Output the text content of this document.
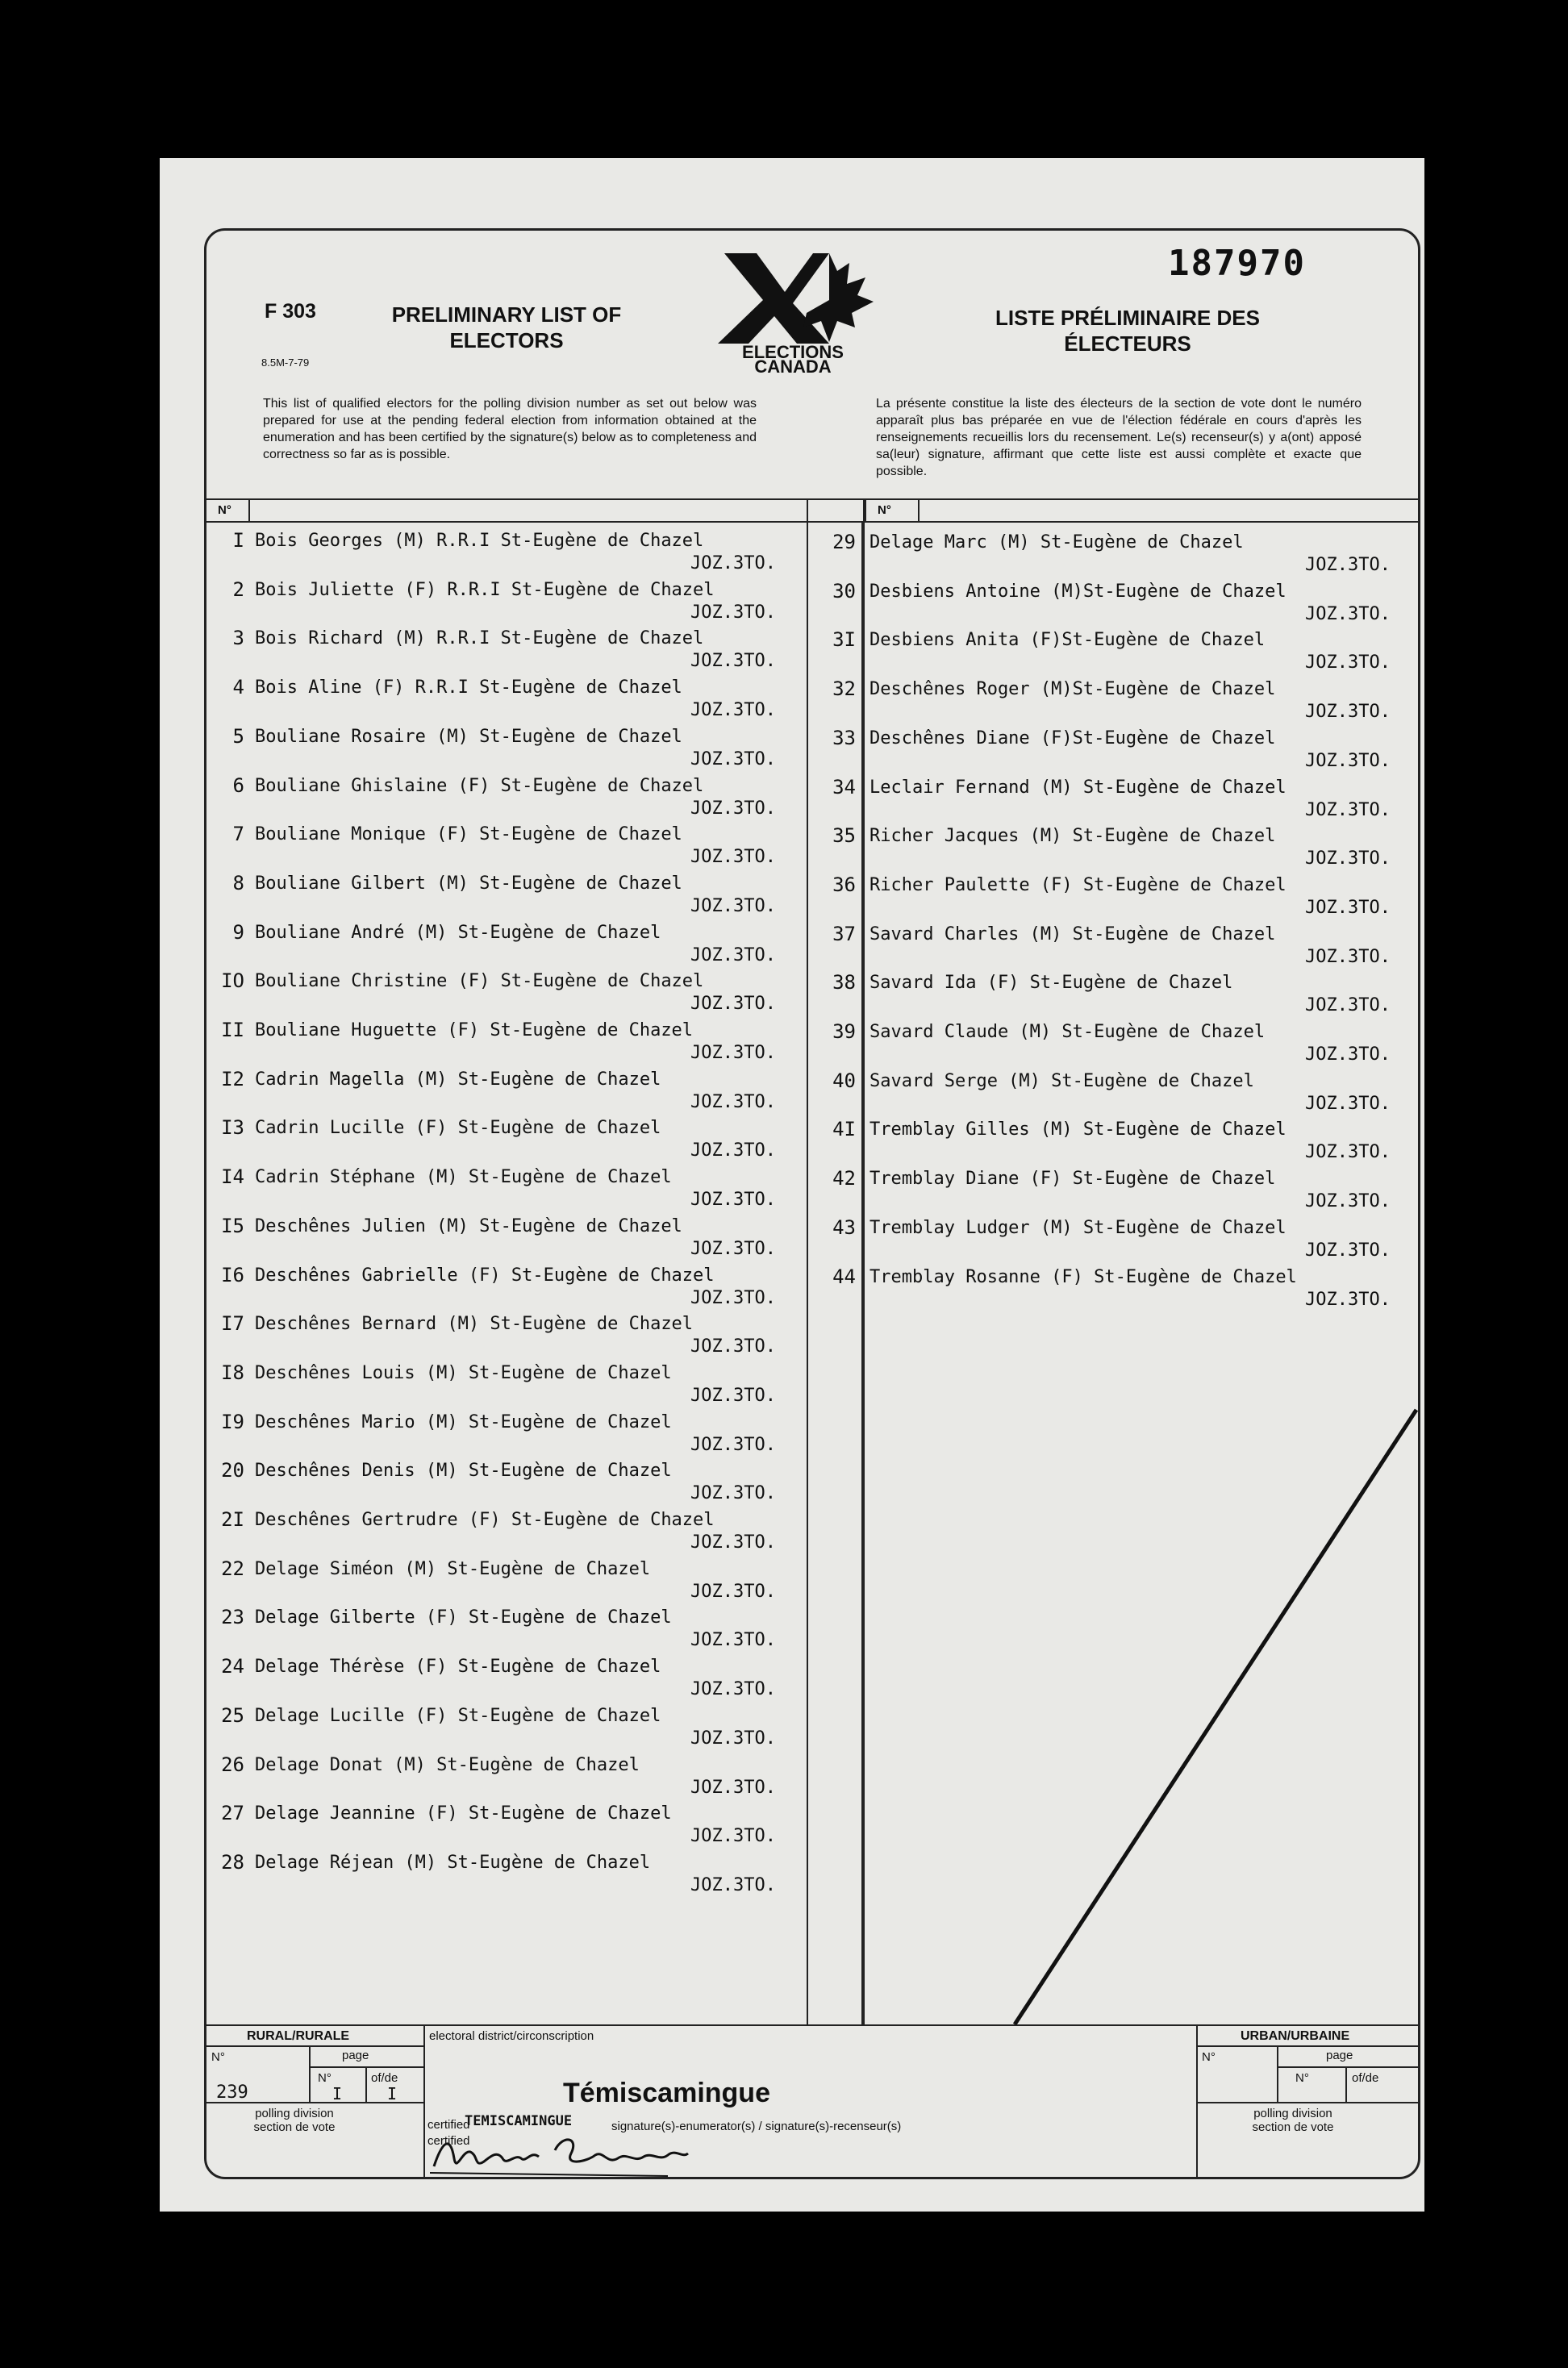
187970
F 303
8.5M-7-79
PRELIMINARY LIST OF
ELECTORS	ELECTIONS
CANADA
LISTE PRÉLIMINAIRE DES
ÉLECTEURS
This list of qualified electors for the polling division number as set out below was prepared for use at the pending federal election from information obtained at the enumeration and has been certified by the signature(s) below as to completeness and correctness so far as is possible.
La présente constitue la liste des électeurs de la section de vote dont le numéro apparaît plus bas préparée en vue de l'élection fédérale en cours d'après les renseignements recueillis lors du recensement. Le(s) recenseur(s) y a(ont) apposé sa(leur) signature, affirmant que cette liste est aussi complète et exacte que possible.
N°	N°
I Bois Georges (M) R.R.I St-Eugène de Chazel
JOZ.3TO.
2 Bois Juliette (F) R.R.I St-Eugène de Chazel
JOZ.3TO.
3 Bois Richard (M) R.R.I St-Eugène de Chazel
JOZ.3TO.
4 Bois Aline (F) R.R.I St-Eugène de Chazel
JOZ.3TO.
5 Bouliane Rosaire (M) St-Eugène de Chazel
JOZ.3TO.
6 Bouliane Ghislaine (F) St-Eugène de Chazel
JOZ.3TO.
7 Bouliane Monique (F) St-Eugène de Chazel
JOZ.3TO.
8 Bouliane Gilbert (M) St-Eugène de Chazel
JOZ.3TO.
9 Bouliane André (M) St-Eugène de Chazel
JOZ.3TO.
IO Bouliane Christine (F) St-Eugène de Chazel
JOZ.3TO.
II Bouliane Huguette (F) St-Eugène de Chazel
JOZ.3TO.
I2 Cadrin Magella (M) St-Eugène de Chazel
JOZ.3TO.
I3 Cadrin Lucille (F) St-Eugène de Chazel
JOZ.3TO.
I4 Cadrin Stéphane (M) St-Eugène de Chazel
JOZ.3TO.
I5 Deschênes Julien (M) St-Eugène de Chazel
JOZ.3TO.
I6 Deschênes Gabrielle (F) St-Eugène de Chazel
JOZ.3TO.
I7 Deschênes Bernard (M) St-Eugène de Chazel
JOZ.3TO.
I8 Deschênes Louis (M) St-Eugène de Chazel
JOZ.3TO.
I9 Deschênes Mario (M) St-Eugène de Chazel
JOZ.3TO.
20 Deschênes Denis (M) St-Eugène de Chazel
JOZ.3TO.
2I Deschênes Gertrudre (F) St-Eugène de Chazel
JOZ.3TO.
22 Delage Siméon (M) St-Eugène de Chazel
JOZ.3TO.
23 Delage Gilberte (F) St-Eugène de Chazel
JOZ.3TO.
24 Delage Thérèse (F) St-Eugène de Chazel
JOZ.3TO.
25 Delage Lucille (F) St-Eugène de Chazel
JOZ.3TO.
26 Delage Donat (M) St-Eugène de Chazel
JOZ.3TO.
27 Delage Jeannine (F) St-Eugène de Chazel
JOZ.3TO.
28 Delage Réjean (M) St-Eugène de Chazel
JOZ.3TO.
29 Delage Marc (M) St-Eugène de Chazel
JOZ.3TO.
30 Desbiens Antoine (M)St-Eugène de Chazel
JOZ.3TO.
3I Desbiens Anita (F)St-Eugène de Chazel
JOZ.3TO.
32 Deschênes Roger (M)St-Eugène de Chazel
JOZ.3TO.
33 Deschênes Diane (F)St-Eugène de Chazel
JOZ.3TO.
34 Leclair Fernand (M) St-Eugène de Chazel
JOZ.3TO.
35 Richer Jacques (M) St-Eugène de Chazel
JOZ.3TO.
36 Richer Paulette (F) St-Eugène de Chazel
JOZ.3TO.
37 Savard Charles (M) St-Eugène de Chazel
JOZ.3TO.
38 Savard Ida (F) St-Eugène de Chazel
JOZ.3TO.
39 Savard Claude (M) St-Eugène de Chazel
JOZ.3TO.
40 Savard Serge (M) St-Eugène de Chazel
JOZ.3TO.
4I Tremblay Gilles (M) St-Eugène de Chazel
JOZ.3TO.
42 Tremblay Diane (F) St-Eugène de Chazel
JOZ.3TO.
43 Tremblay Ludger (M) St-Eugène de Chazel
JOZ.3TO.
44 Tremblay Rosanne (F) St-Eugène de Chazel
JOZ.3TO.
RURAL/RURALE	URBAN/URBAINE
electoral district/circonscription
Témiscamingue
TEMISCAMINGUE
certified
certified
signature(s)-enumerator(s) / signature(s)-recenseur(s)
N°	page
N°	of/de
239	I	I
polling division
section de vote
N°	page
N°	of/de
polling division
section de vote
